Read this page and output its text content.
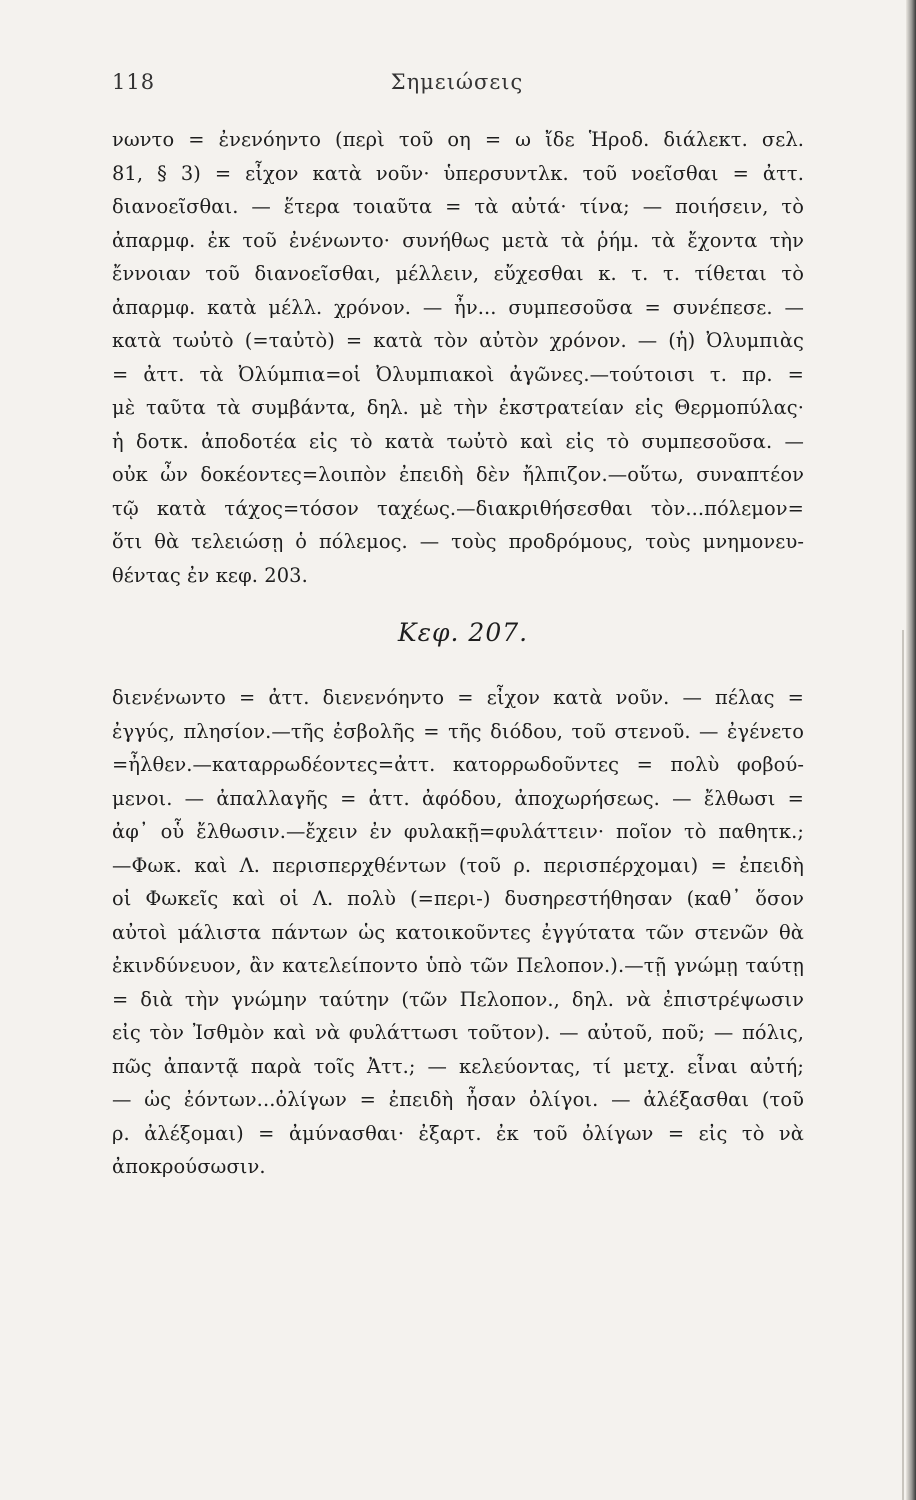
118	Σημειώσεις
νωντο = ἐνενόηντο (περὶ τοῦ οη = ω ἴδε Ἡροδ. διάλεκτ. σελ.
81, § 3) = εἶχον κατὰ νοῦν· ὑπερσυντλκ. τοῦ νοεῖσθαι = ἀττ.
διανοεῖσθαι. — ἕτερα τοιαῦτα = τὰ αὐτά· τίνα; — ποιήσειν, τὸ
ἀπαρμφ. ἐκ τοῦ ἐνένωντο· συνήθως μετὰ τὰ ῥήμ. τὰ ἔχοντα τὴν
ἔννοιαν τοῦ διανοεῖσθαι, μέλλειν, εὔχεσθαι κ. τ. τ. τίθεται τὸ
ἀπαρμφ. κατὰ μέλλ. χρόνον. — ἦν... συμπεσοῦσα = συνέπεσε. —
κατὰ τωὐτὸ (=ταὐτὸ) = κατὰ τὸν αὐτὸν χρόνον. — (ἡ) Ὀλυμπιὰς
= ἀττ. τὰ Ὀλύμπια=οἱ Ὀλυμπιακοὶ ἀγῶνες.—τούτοισι τ. πρ. =
μὲ ταῦτα τὰ συμβάντα, δηλ. μὲ τὴν ἐκστρατείαν εἰς Θερμοπύλας·
ἡ δοτκ. ἀποδοτέα εἰς τὸ κατὰ τωὐτὸ καὶ εἰς τὸ συμπεσοῦσα. —
οὐκ ὦν δοκέοντες=λοιπὸν ἐπειδὴ δὲν ἤλπιζον.—οὕτω, συναπτέον
τῷ κατὰ τάχος=τόσον ταχέως.—διακριθήσεσθαι τὸν...πόλεμον=
ὅτι θὰ τελειώσῃ ὁ πόλεμος. — τοὺς προδρόμους, τοὺς μνημονευ-
θέντας ἐν κεφ. 203.
Κεφ. 207.
διενένωντο = ἀττ. διενενόηντο = εἶχον κατὰ νοῦν. — πέλας =
ἐγγύς, πλησίον.—τῆς ἐσβολῆς = τῆς διόδου, τοῦ στενοῦ. — ἐγένετο
=ἦλθεν.—καταρρωδέοντες=ἀττ. κατορρωδοῦντες = πολὺ φοβού-
μενοι. — ἀπαλλαγῆς = ἀττ. ἀφόδου, ἀποχωρήσεως. — ἔλθωσι =
ἀφ᾽ οὗ ἔλθωσιν.—ἔχειν ἐν φυλακῇ=φυλάττειν· ποῖον τὸ παθητκ.;
—Φωκ. καὶ Λ. περισπερχθέντων (τοῦ ρ. περισπέρχομαι) = ἐπειδὴ
οἱ Φωκεῖς καὶ οἱ Λ. πολὺ (=περι-) δυσηρεστήθησαν (καθ᾽ ὅσον
αὐτοὶ μάλιστα πάντων ὡς κατοικοῦντες ἐγγύτατα τῶν στενῶν θὰ
ἐκινδύνευον, ἂν κατελείποντο ὑπὸ τῶν Πελοπον.).—τῇ γνώμῃ ταύτῃ
= διὰ τὴν γνώμην ταύτην (τῶν Πελοπον., δηλ. νὰ ἐπιστρέψωσιν
εἰς τὸν Ἰσθμὸν καὶ νὰ φυλάττωσι τοῦτον). — αὐτοῦ, ποῦ; — πόλις,
πῶς ἀπαντᾷ παρὰ τοῖς Ἀττ.; — κελεύοντας, τί μετχ. εἶναι αὐτή;
— ὡς ἐόντων...ὀλίγων = ἐπειδὴ ἦσαν ὀλίγοι. — ἀλέξασθαι (τοῦ
ρ. ἀλέξομαι) = ἀμύνασθαι· ἐξαρτ. ἐκ τοῦ ὀλίγων = εἰς τὸ νὰ
ἀποκρούσωσιν.
